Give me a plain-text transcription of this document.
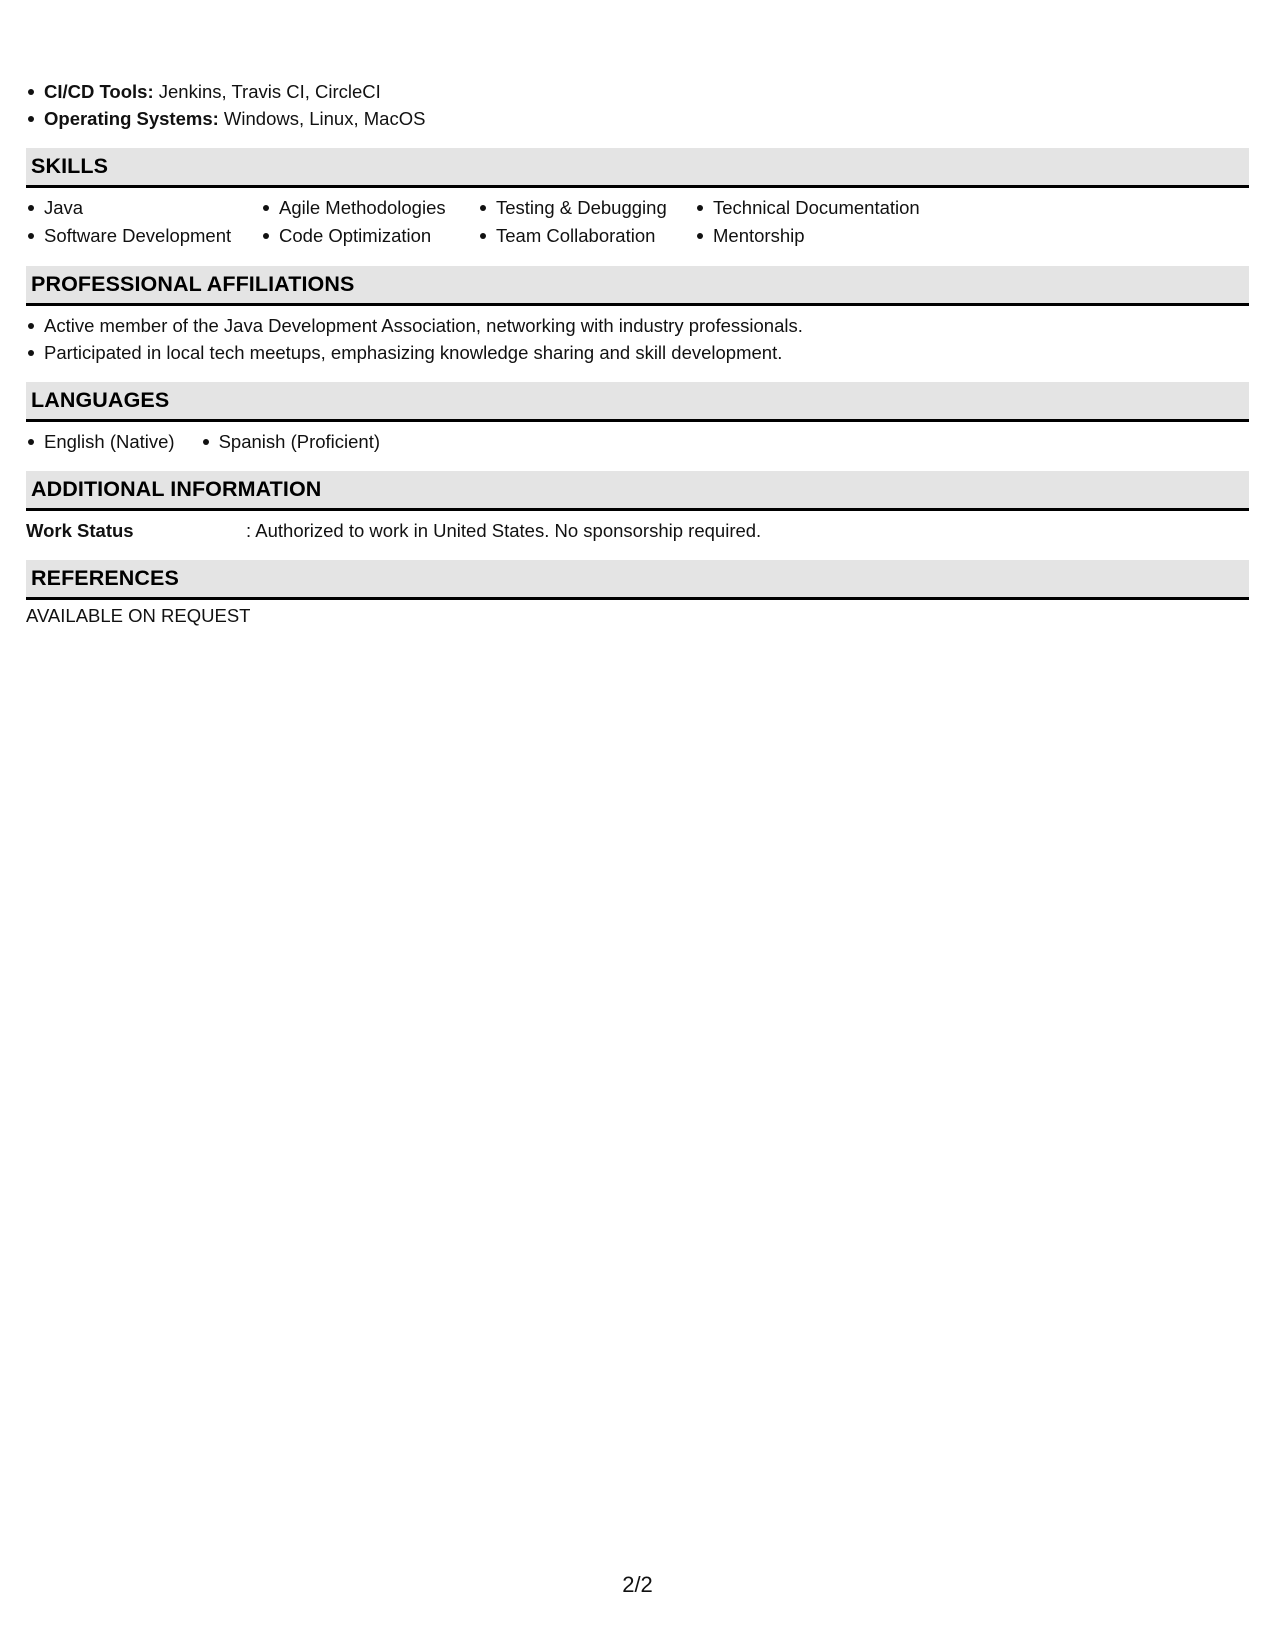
CI/CD Tools: Jenkins, Travis CI, CircleCI
Operating Systems: Windows, Linux, MacOS
SKILLS
Java
Software Development
Agile Methodologies
Code Optimization
Testing & Debugging
Team Collaboration
Technical Documentation
Mentorship
PROFESSIONAL AFFILIATIONS
Active member of the Java Development Association, networking with industry professionals.
Participated in local tech meetups, emphasizing knowledge sharing and skill development.
LANGUAGES
English (Native) Spanish (Proficient)
ADDITIONAL INFORMATION
Work Status	: Authorized to work in United States. No sponsorship required.
REFERENCES
AVAILABLE ON REQUEST
2/2
